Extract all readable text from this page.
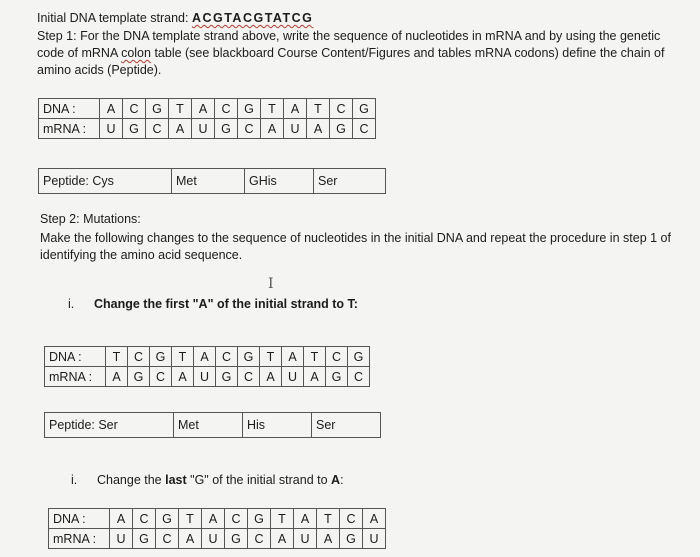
Initial DNA template strand: ACGTACGTATCG
Step 1: For the DNA template strand above, write the sequence of nucleotides in mRNA and by using the genetic
code of mRNA colon table (see blackboard Course Content/Figures and tables mRNA codons) define the chain of
amino acids (Peptide).
DNA :	A	C	G	T	A	C	G	T	A	T	C	G
mRNA :	U	G	C	A	U	G	C	A	U	A	G	C
Peptide: Cys	Met	GHis	Ser
Step 2: Mutations:
Make the following changes to the sequence of nucleotides in the initial DNA and repeat the procedure in step 1 of
identifying the amino acid sequence.
I
i. Change the first "A" of the initial strand to T:
DNA :	T	C	G	T	A	C	G	T	A	T	C	G
mRNA :	A	G	C	A	U	G	C	A	U	A	G	C
Peptide: Ser	Met	His	Ser
i. Change the last "G" of the initial strand to A:
DNA :	A	C	G	T	A	C	G	T	A	T	C	A
mRNA :	U	G	C	A	U	G	C	A	U	A	G	U
